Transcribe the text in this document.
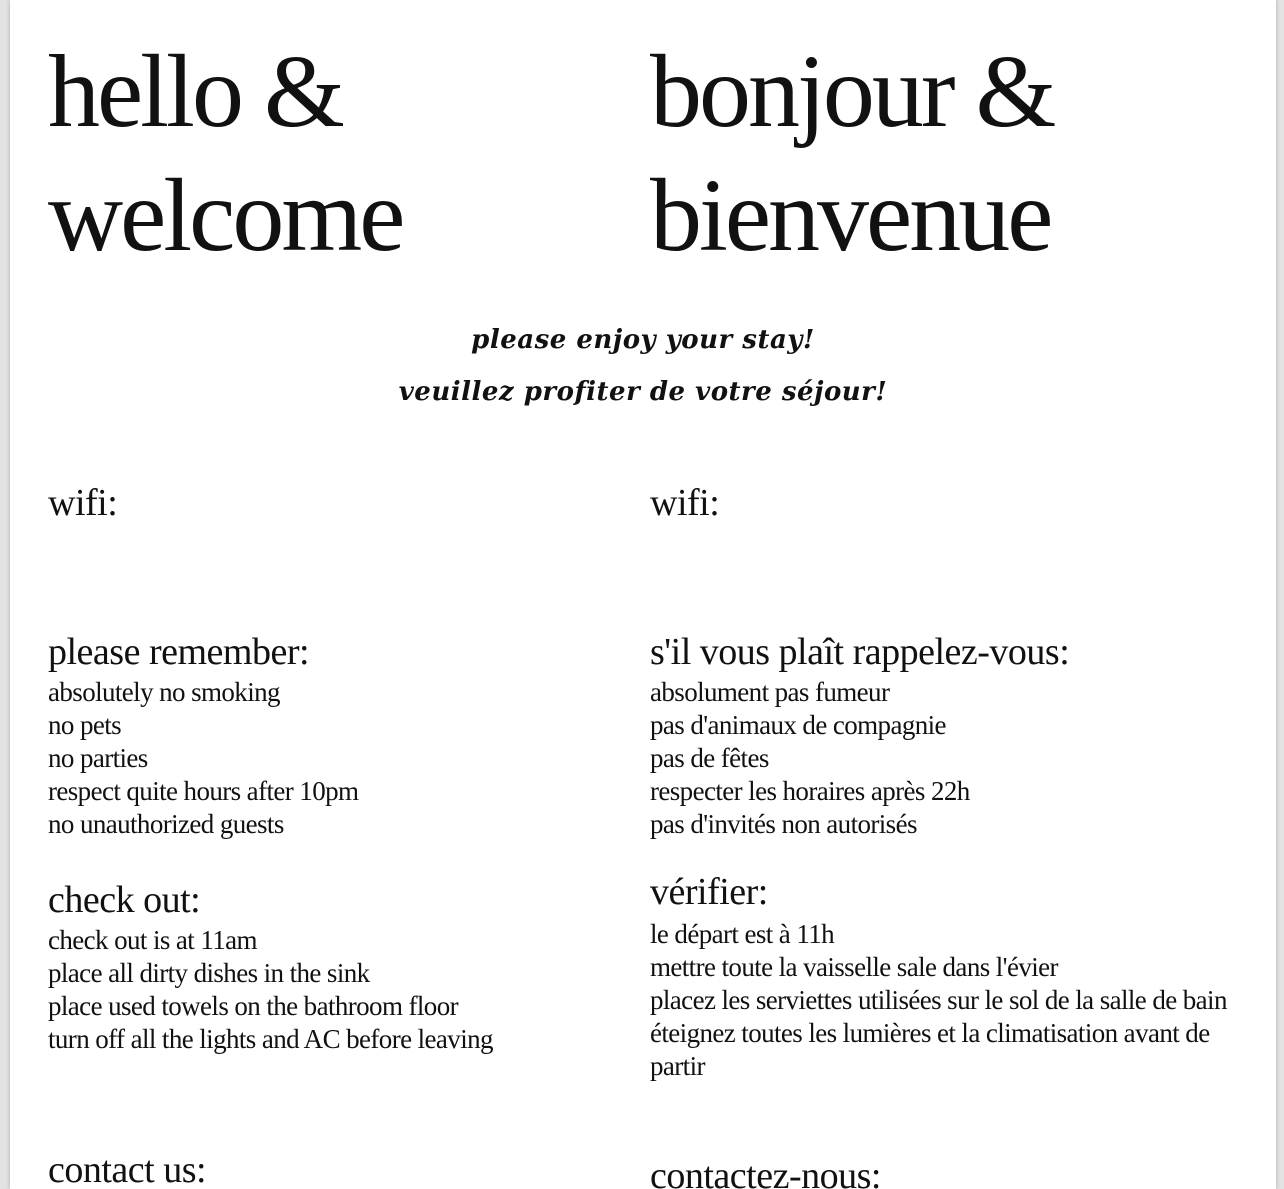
hello &
welcome
bonjour &
bienvenue
please enjoy your stay!
veuillez profiter de votre séjour!
wifi:	wifi:
please remember:
absolutely no smoking
no pets
no parties
respect quite hours after 10pm
no unauthorized guests
s'il vous plaît rappelez-vous:
absolument pas fumeur
pas d'animaux de compagnie
pas de fêtes
respecter les horaires après 22h
pas d'invités non autorisés
check out:
check out is at 11am
place all dirty dishes in the sink
place used towels on the bathroom floor
turn off all the lights and AC before leaving
vérifier:
le départ est à 11h
mettre toute la vaisselle sale dans l'évier
placez les serviettes utilisées sur le sol de la salle de bain
éteignez toutes les lumières et la climatisation avant de partir
contact us:	contactez-nous:
